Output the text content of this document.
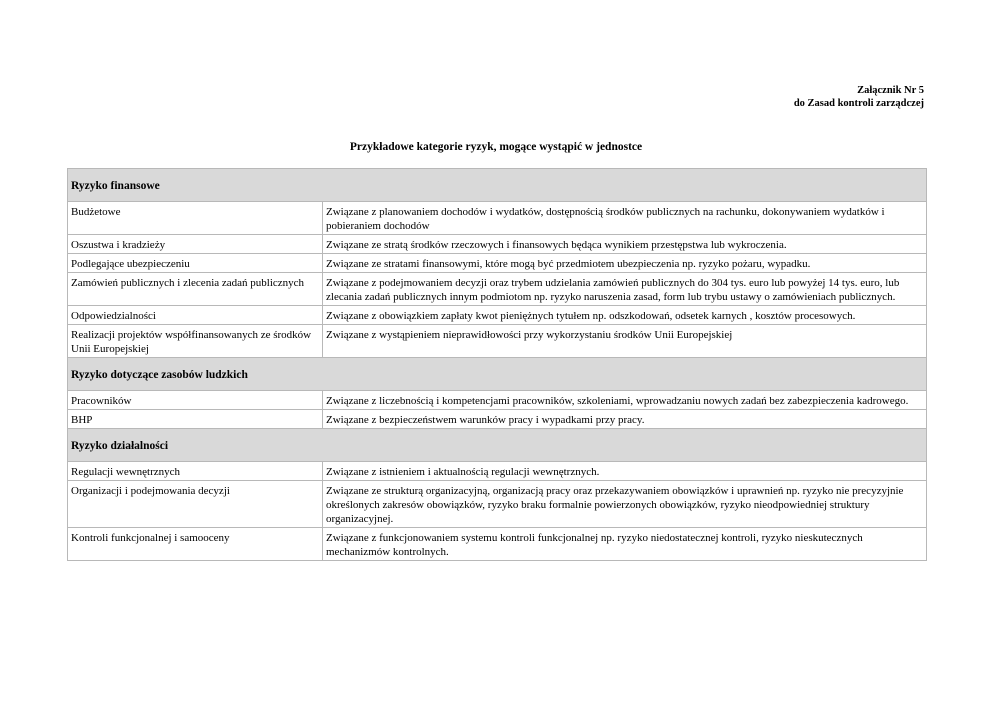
Załącznik Nr 5
do Zasad kontroli zarządczej
Przykładowe kategorie ryzyk, mogące wystąpić w jednostce
Ryzyko finansowe	
Budżetowe	Związane z planowaniem dochodów i wydatków, dostępnością środków publicznych na rachunku, dokonywaniem wydatków i pobieraniem dochodów
Oszustwa i kradzieży	Związane ze stratą środków rzeczowych i finansowych będąca wynikiem przestępstwa lub wykroczenia.
Podlegające ubezpieczeniu	Związane ze stratami finansowymi, które mogą być przedmiotem ubezpieczenia np. ryzyko pożaru, wypadku.
Zamówień publicznych i zlecenia zadań publicznych	Związane z podejmowaniem decyzji oraz trybem udzielania zamówień publicznych do 304 tys. euro lub powyżej 14 tys. euro, lub zlecania zadań publicznych innym podmiotom np. ryzyko naruszenia zasad, form lub trybu ustawy o zamówieniach publicznych.
Odpowiedzialności	Związane z obowiązkiem zapłaty kwot pieniężnych tytułem np. odszkodowań, odsetek karnych , kosztów procesowych.
Realizacji projektów współfinansowanych ze środków Unii Europejskiej	Związane z wystąpieniem nieprawidłowości przy wykorzystaniu środków Unii Europejskiej
Ryzyko dotyczące zasobów ludzkich	
Pracowników	Związane z liczebnością i kompetencjami pracowników, szkoleniami, wprowadzaniu nowych zadań bez zabezpieczenia kadrowego.
BHP	Związane z bezpieczeństwem warunków pracy i wypadkami przy pracy.
Ryzyko działalności	
Regulacji wewnętrznych	Związane z istnieniem i aktualnością regulacji wewnętrznych.
Organizacji i podejmowania decyzji	Związane ze strukturą organizacyjną, organizacją pracy oraz przekazywaniem obowiązków i uprawnień np. ryzyko nie precyzyjnie określonych zakresów obowiązków, ryzyko braku formalnie powierzonych obowiązków, ryzyko nieodpowiedniej struktury organizacyjnej.
Kontroli funkcjonalnej i samooceny	Związane z funkcjonowaniem systemu kontroli funkcjonalnej np. ryzyko niedostatecznej kontroli, ryzyko nieskutecznych mechanizmów kontrolnych.
